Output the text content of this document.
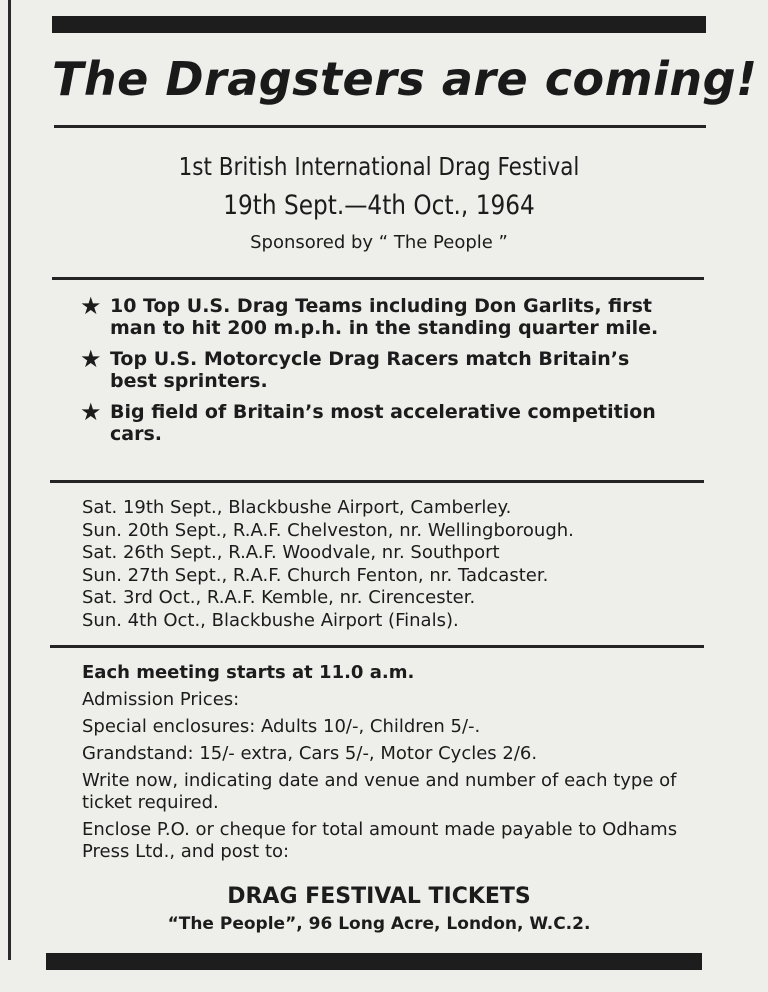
The Dragsters are coming!
1st British International Drag Festival
19th Sept.—4th Oct., 1964
Sponsored by “ The People ”
★ 10 Top U.S. Drag Teams including Don Garlits, first man to hit 200 m.p.h. in the standing quarter mile.
★ Top U.S. Motorcycle Drag Racers match Britain’s best sprinters.
★ Big field of Britain’s most accelerative competition cars.
Sat. 19th Sept., Blackbushe Airport, Camberley.
Sun. 20th Sept., R.A.F. Chelveston, nr. Wellingborough.
Sat. 26th Sept., R.A.F. Woodvale, nr. Southport
Sun. 27th Sept., R.A.F. Church Fenton, nr. Tadcaster.
Sat. 3rd Oct., R.A.F. Kemble, nr. Cirencester.
Sun. 4th Oct., Blackbushe Airport (Finals).

Each meeting starts at 11.0 a.m.

Admission Prices:

Special enclosures: Adults 10/-, Children 5/-.

Grandstand: 15/- extra, Cars 5/-, Motor Cycles 2/6.

Write now, indicating date and venue and number of each type of ticket required.

Enclose P.O. or cheque for total amount made payable to Odhams Press Ltd., and post to:

DRAG FESTIVAL TICKETS
“The People”, 96 Long Acre, London, W.C.2.
